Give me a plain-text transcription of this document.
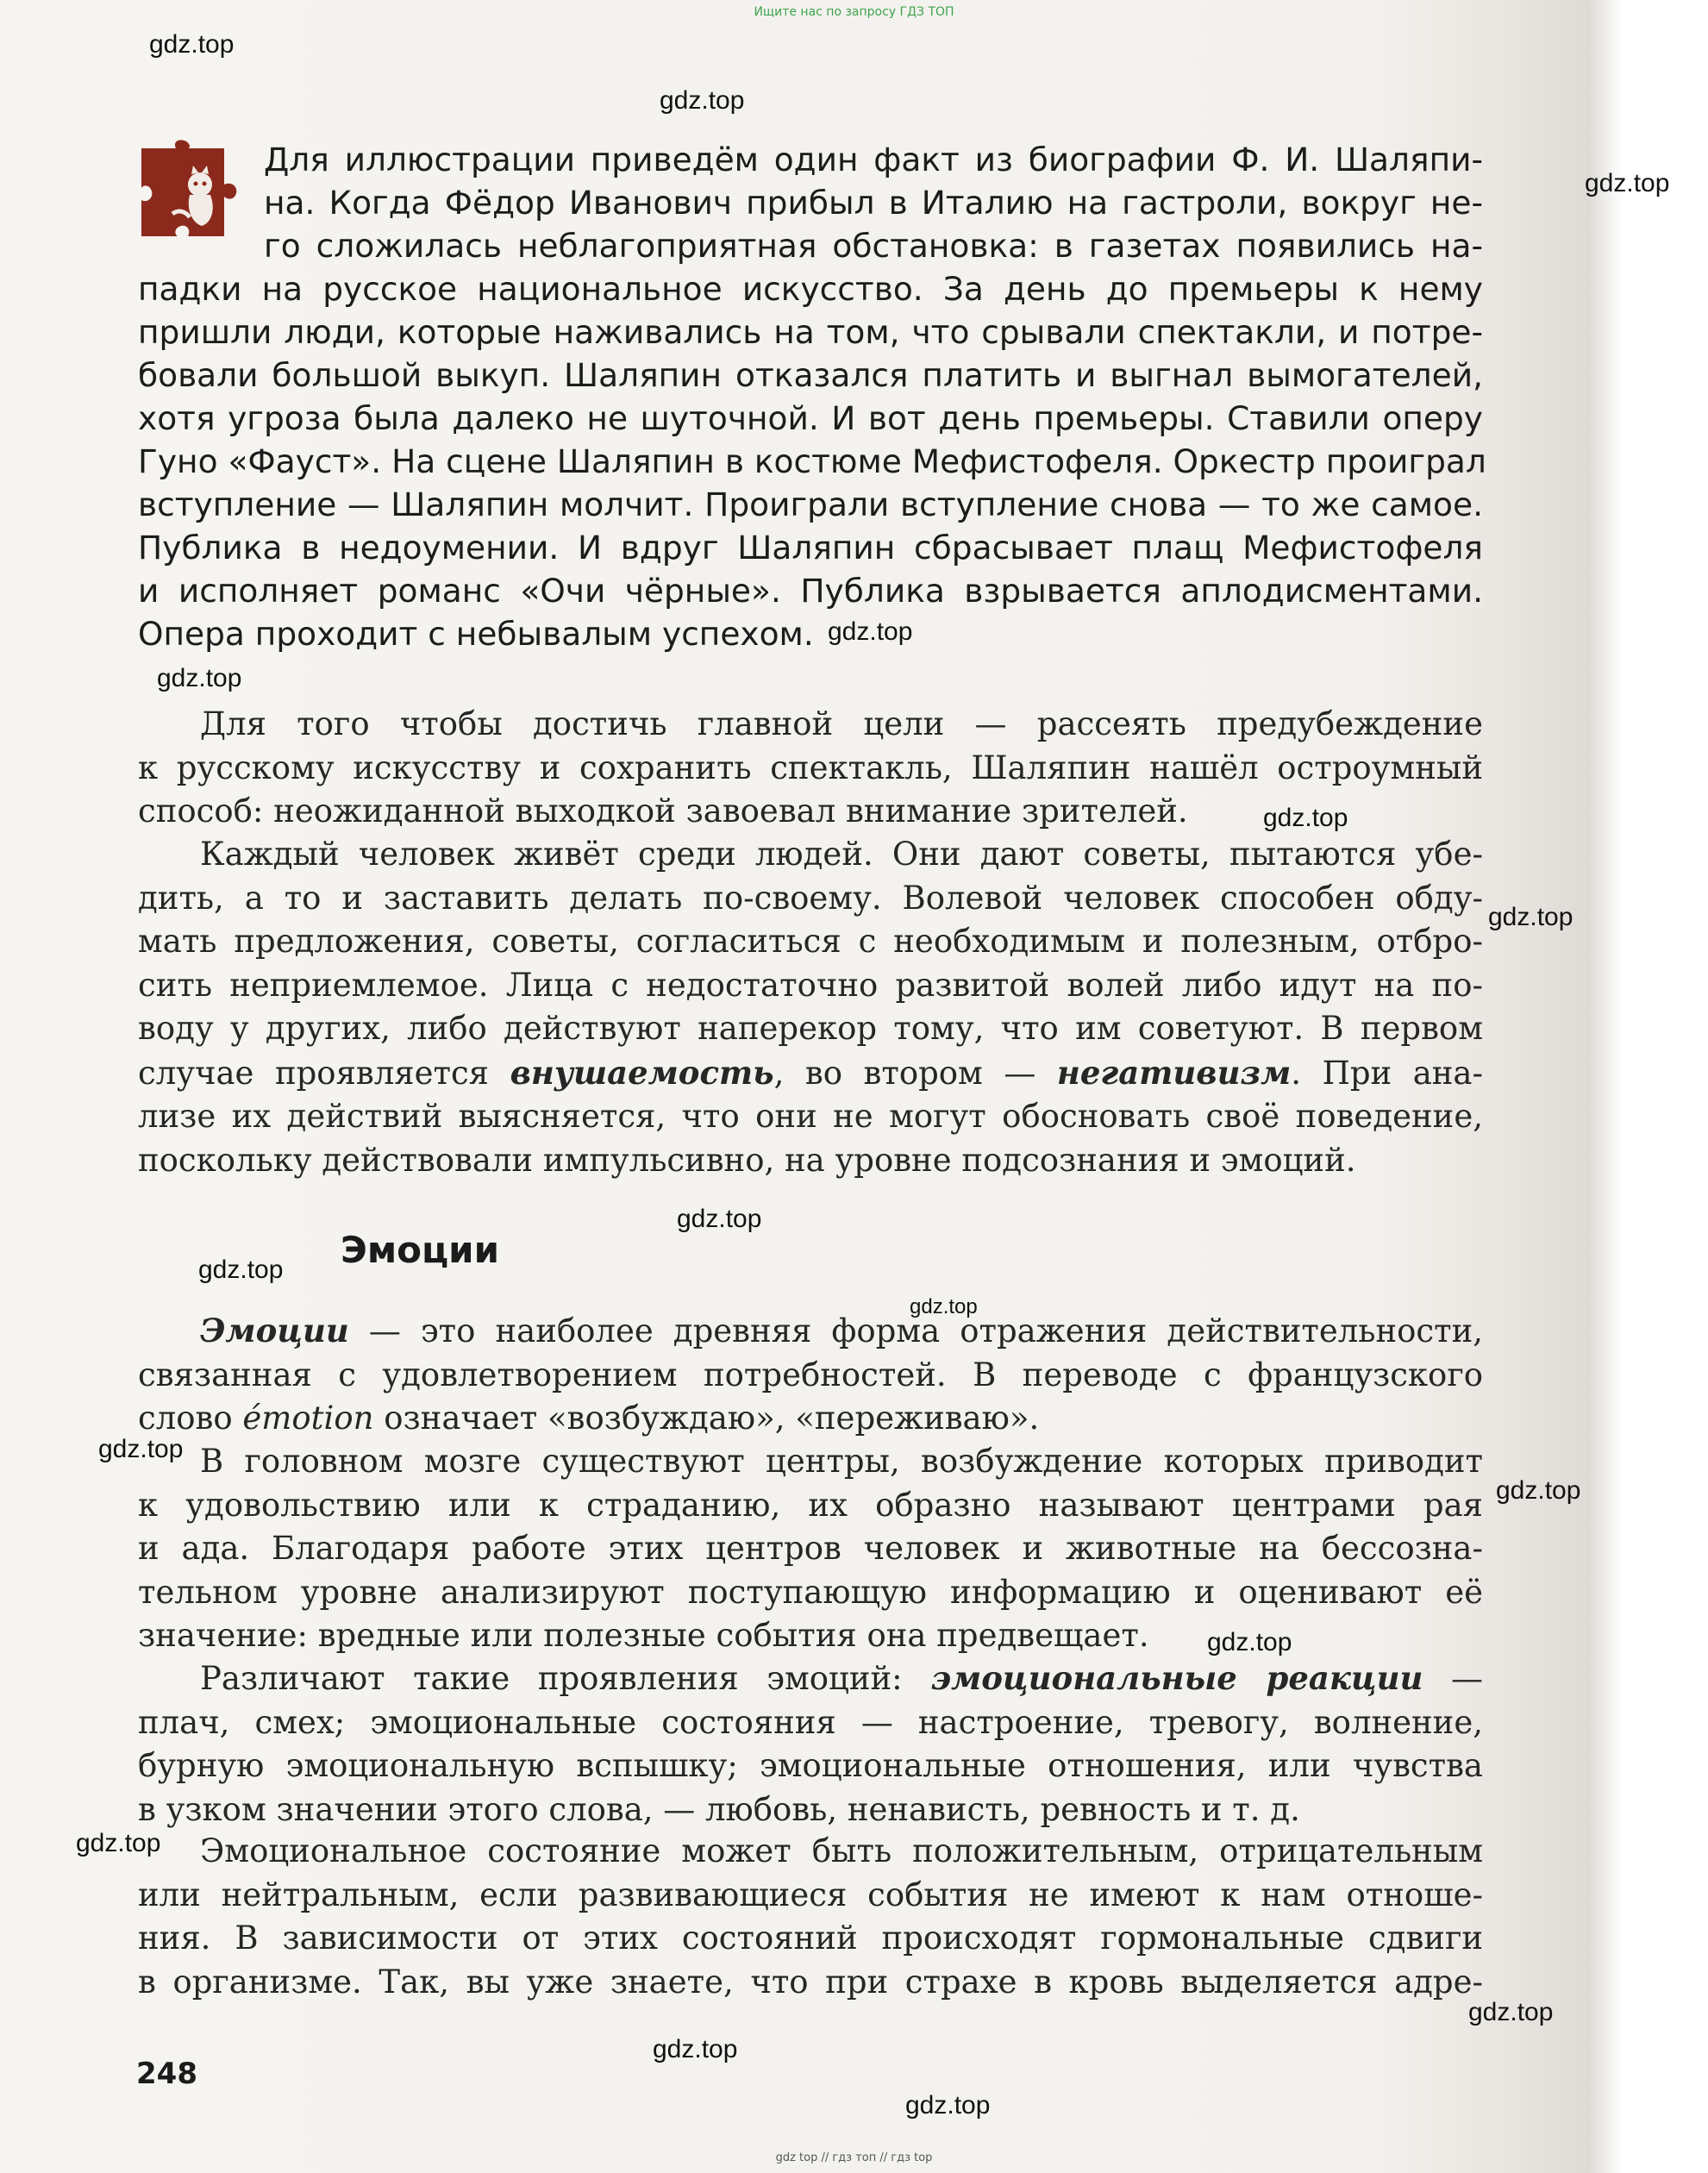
Ищите нас по запросу ГДЗ ТОП
Для иллюстрации приведём один факт из биографии Ф. И. Шаляпи-
на. Когда Фёдор Иванович прибыл в Италию на гастроли, вокруг не-
го сложилась неблагоприятная обстановка: в газетах появились на-
падки на русское национальное искусство. За день до премьеры к нему
пришли люди, которые наживались на том, что срывали спектакли, и потре-
бовали большой выкуп. Шаляпин отказался платить и выгнал вымогателей,
хотя угроза была далеко не шуточной. И вот день премьеры. Ставили оперу
Гуно «Фауст». На сцене Шаляпин в костюме Мефистофеля. Оркестр проиграл
вступление — Шаляпин молчит. Проиграли вступление снова — то же самое.
Публика в недоумении. И вдруг Шаляпин сбрасывает плащ Мефистофеля
и исполняет романс «Очи чёрные». Публика взрывается аплодисментами.
Опера проходит с небывалым успехом.
Для того чтобы достичь главной цели — рассеять предубеждение
к русскому искусству и сохранить спектакль, Шаляпин нашёл остроумный
способ: неожиданной выходкой завоевал внимание зрителей.
Каждый человек живёт среди людей. Они дают советы, пытаются убе-
дить, а то и заставить делать по-своему. Волевой человек способен обду-
мать предложения, советы, согласиться с необходимым и полезным, отбро-
сить неприемлемое. Лица с недостаточно развитой волей либо идут на по-
воду у других, либо действуют наперекор тому, что им советуют. В первом
случае проявляется внушаемость, во втором — негативизм. При ана-
лизе их действий выясняется, что они не могут обосновать своё поведение,
поскольку действовали импульсивно, на уровне подсознания и эмоций.
Эмоции
Эмоции — это наиболее древняя форма отражения действительности,
связанная с удовлетворением потребностей. В переводе с французского
слово émotion означает «возбуждаю», «переживаю».
В головном мозге существуют центры, возбуждение которых приводит
к удовольствию или к страданию, их образно называют центрами рая
и ада. Благодаря работе этих центров человек и животные на бессозна-
тельном уровне анализируют поступающую информацию и оценивают её
значение: вредные или полезные события она предвещает.
Различают такие проявления эмоций: эмоциональные реакции —
плач, смех; эмоциональные состояния — настроение, тревогу, волнение,
бурную эмоциональную вспышку; эмоциональные отношения, или чувства
в узком значении этого слова, — любовь, ненависть, ревность и т. д.
Эмоциональное состояние может быть положительным, отрицательным
или нейтральным, если развивающиеся события не имеют к нам отноше-
ния. В зависимости от этих состояний происходят гормональные сдвиги
в организме. Так, вы уже знаете, что при страхе в кровь выделяется адре-
248
gdz.top
gdz.top
gdz.top
gdz.top
gdz.top
gdz.top
gdz.top
gdz.top
gdz.top
gdz.top
gdz.top
gdz.top
gdz.top
gdz.top
gdz.top
gdz.top
gdz.top
gdz top // гдз топ // гдз top
